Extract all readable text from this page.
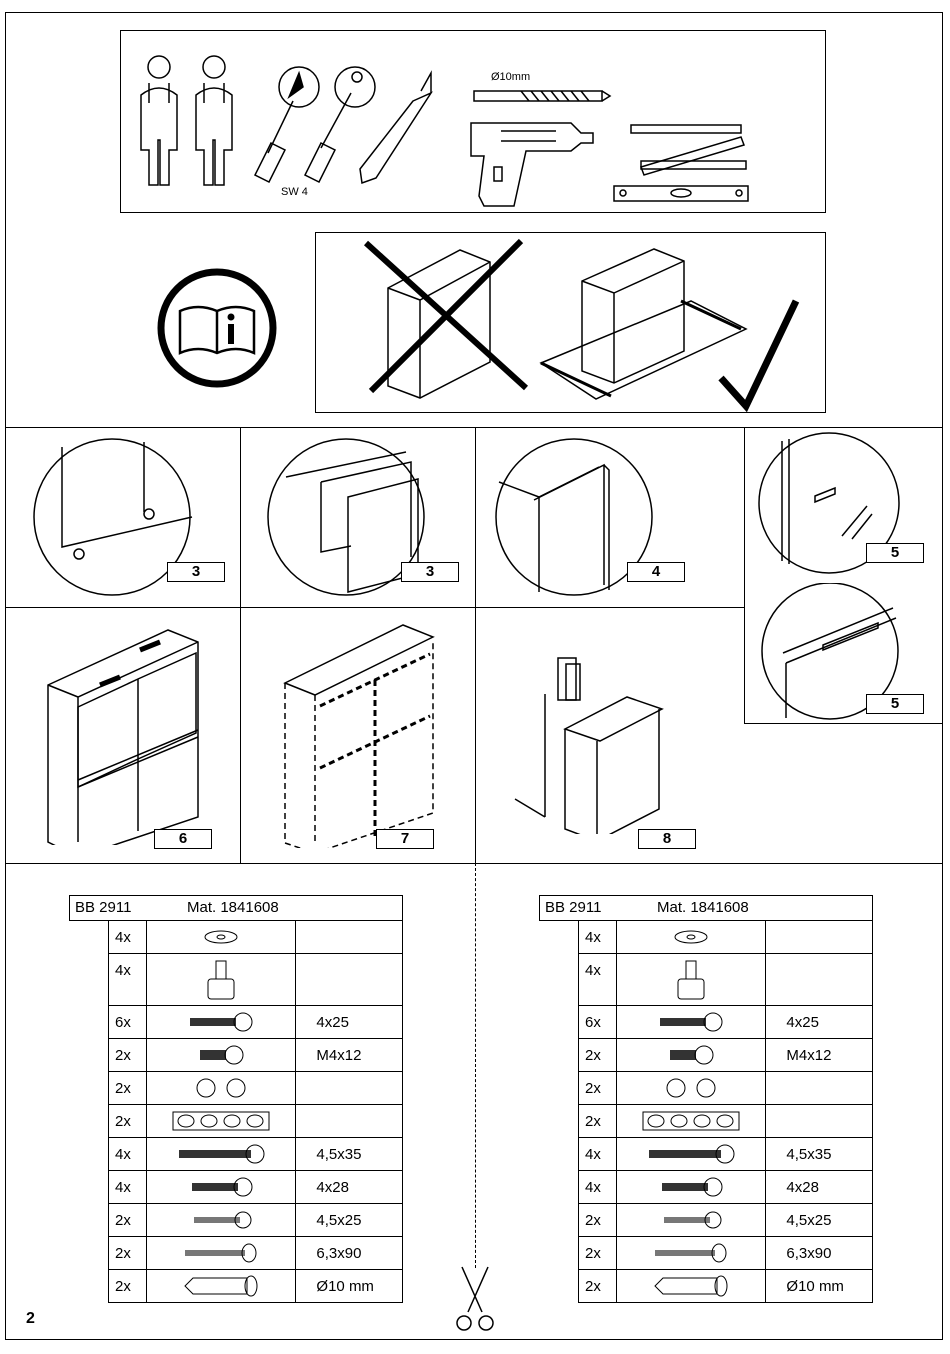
Ø10mm
SW 4
3	3	4
5
5
6	7	8
BB 2911	Mat. 1841608
4x	

4x	

6x		4x25
2x		M4x12
2x	

2x	

4x		4,5x35
4x		4x28
2x		4,5x25
2x		6,3x90
2x		Ø10 mm
BB 2911	Mat. 1841608
4x	

4x	

6x		4x25
2x		M4x12
2x	

2x	

4x		4,5x35
4x		4x28
2x		4,5x25
2x		6,3x90
2x		Ø10 mm
2
